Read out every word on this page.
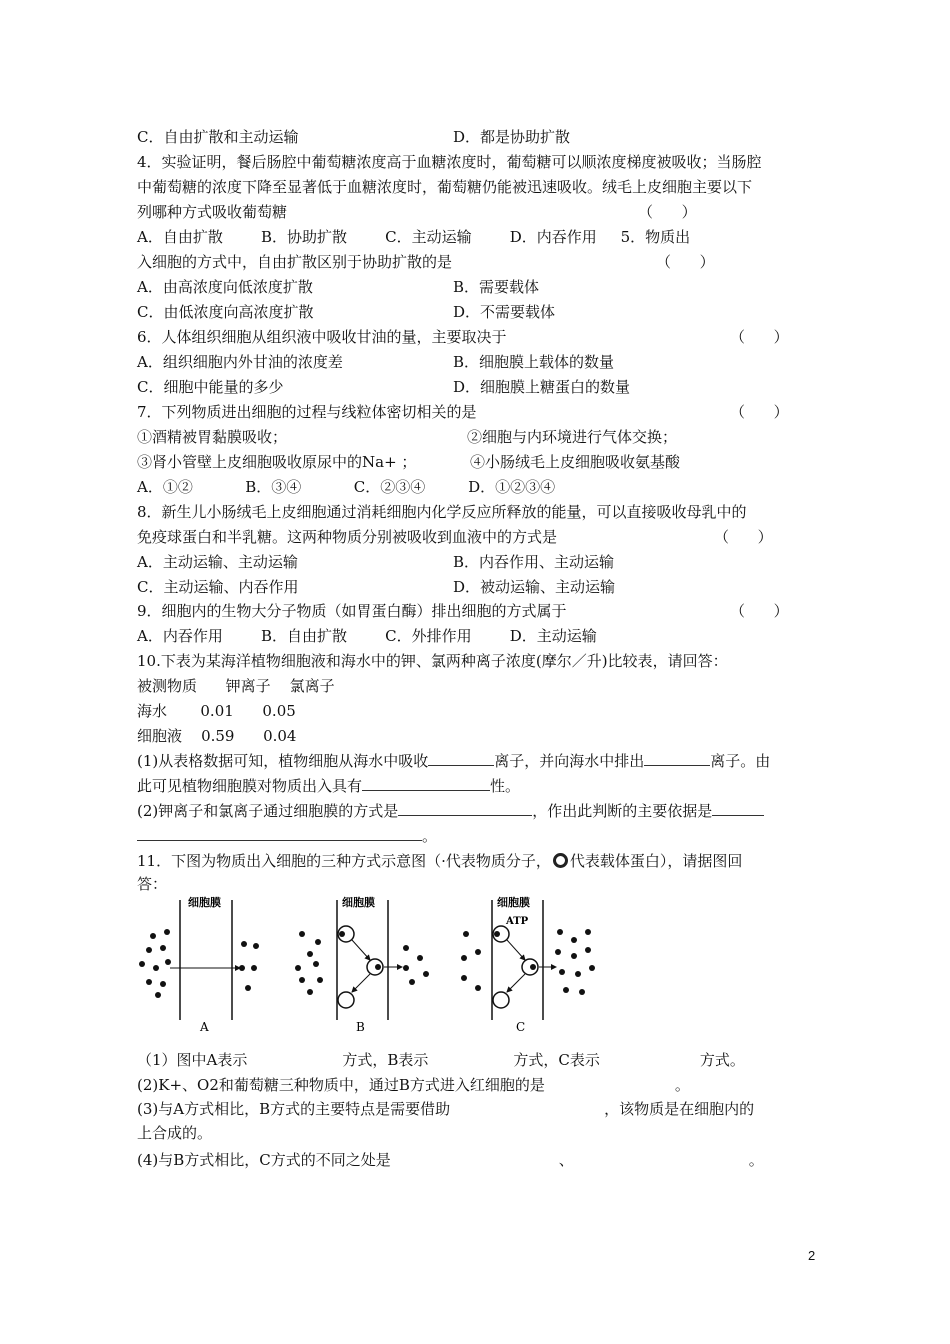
C．自由扩散和主动运输	D．都是协助扩散
4．实验证明，餐后肠腔中葡萄糖浓度高于血糖浓度时，葡萄糖可以顺浓度梯度被吸收；当肠腔
中葡萄糖的浓度下降至显著低于血糖浓度时，葡萄糖仍能被迅速吸收。绒毛上皮细胞主要以下
列哪种方式吸收葡萄糖	（      ）
A．自由扩散        B．协助扩散        C．主动运输        D．内吞作用     5．物质出
入细胞的方式中，自由扩散区别于协助扩散的是	（      ）
A．由高浓度向低浓度扩散	B．需要载体
C．由低浓度向高浓度扩散	D．不需要载体
6．人体组织细胞从组织液中吸收甘油的量，主要取决于	（      ）
A．组织细胞内外甘油的浓度差	B．细胞膜上载体的数量
C．细胞中能量的多少	D．细胞膜上糖蛋白的数量
7．下列物质进出细胞的过程与线粒体密切相关的是	（      ）
①酒精被胃黏膜吸收；	②细胞与内环境进行气体交换；
③肾小管壁上皮细胞吸收原尿中的Na+ ；	④小肠绒毛上皮细胞吸收氨基酸
A．①②           B．③④           C．②③④         D．①②③④
8．新生儿小肠绒毛上皮细胞通过消耗细胞内化学反应所释放的能量，可以直接吸收母乳中的
免疫球蛋白和半乳糖。这两种物质分别被吸收到血液中的方式是	（      ）
A．主动运输、主动运输	B．内吞作用、主动运输
C．主动运输、内吞作用	D．被动运输、主动运输
9．细胞内的生物大分子物质（如胃蛋白酶）排出细胞的方式属于	（      ）
A．内吞作用        B．自由扩散        C．外排作用        D．主动运输
10.下表为某海洋植物细胞液和海水中的钾、氯两种离子浓度(摩尔／升)比较表，请回答：
被测物质      钾离子    氯离子
海水       0.01      0.05
细胞液    0.59      0.04
(1)从表格数据可知，植物细胞从海水中吸收	离子，并向海水中排出	离子。由
此可见植物细胞膜对物质出入具有	性。
(2)钾离子和氯离子通过细胞膜的方式是	，作出此判断的主要依据是
。
11．下图为物质出入细胞的三种方式示意图（·代表物质分子， 代表载体蛋白），请据图回
答：
细胞膜
A
细胞膜
B
细胞膜
ATP
C
（1）图中A表示	方式，B表示	方式，C表示	方式。
(2)K+、O2和葡萄糖三种物质中，通过B方式进入红细胞的是	。
(3)与A方式相比，B方式的主要特点是需要借助	，该物质是在细胞内的
上合成的。
(4)与B方式相比，C方式的不同之处是	、	。
2
